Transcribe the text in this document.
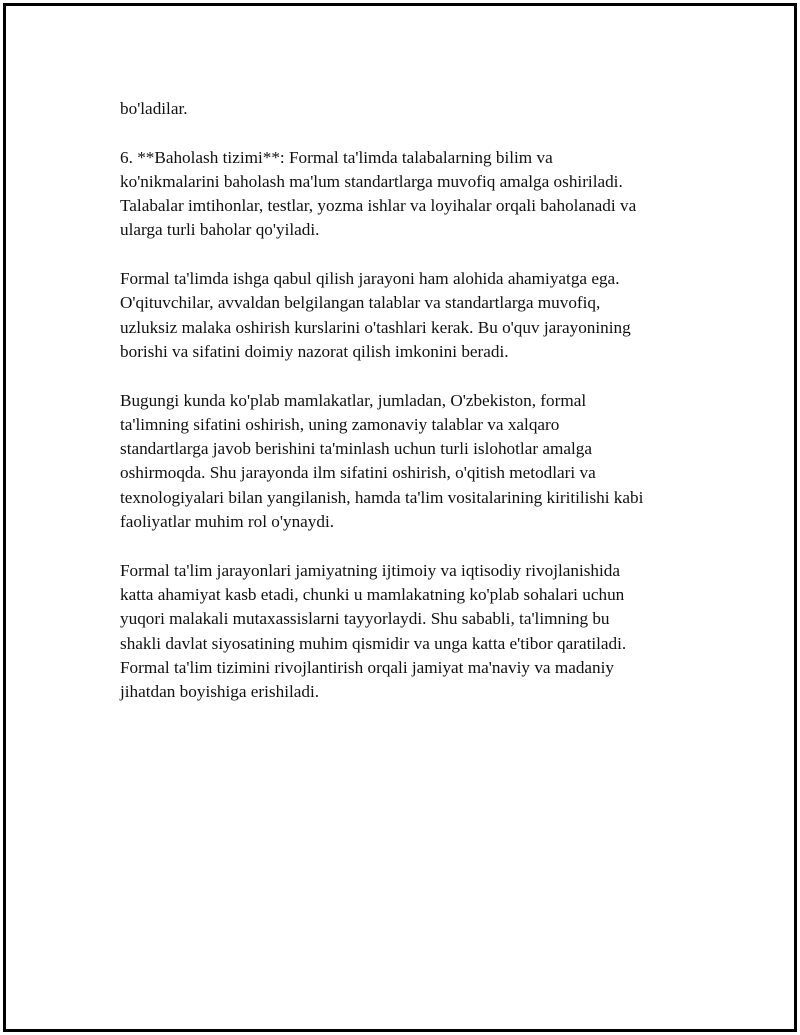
bo'ladilar.

6. **Baholash tizimi**: Formal ta'limda talabalarning bilim va
ko'nikmalarini baholash ma'lum standartlarga muvofiq amalga oshiriladi.
Talabalar imtihonlar, testlar, yozma ishlar va loyihalar orqali baholanadi va
ularga turli baholar qo'yiladi.

Formal ta'limda ishga qabul qilish jarayoni ham alohida ahamiyatga ega.
O'qituvchilar, avvaldan belgilangan talablar va standartlarga muvofiq,
uzluksiz malaka oshirish kurslarini o'tashlari kerak. Bu o'quv jarayonining
borishi va sifatini doimiy nazorat qilish imkonini beradi.

Bugungi kunda ko'plab mamlakatlar, jumladan, O'zbekiston, formal
ta'limning sifatini oshirish, uning zamonaviy talablar va xalqaro
standartlarga javob berishini ta'minlash uchun turli islohotlar amalga
oshirmoqda. Shu jarayonda ilm sifatini oshirish, o'qitish metodlari va
texnologiyalari bilan yangilanish, hamda ta'lim vositalarining kiritilishi kabi
faoliyatlar muhim rol o'ynaydi.

Formal ta'lim jarayonlari jamiyatning ijtimoiy va iqtisodiy rivojlanishida
katta ahamiyat kasb etadi, chunki u mamlakatning ko'plab sohalari uchun
yuqori malakali mutaxassislarni tayyorlaydi. Shu sababli, ta'limning bu
shakli davlat siyosatining muhim qismidir va unga katta e'tibor qaratiladi.
Formal ta'lim tizimini rivojlantirish orqali jamiyat ma'naviy va madaniy
jihatdan boyishiga erishiladi.
